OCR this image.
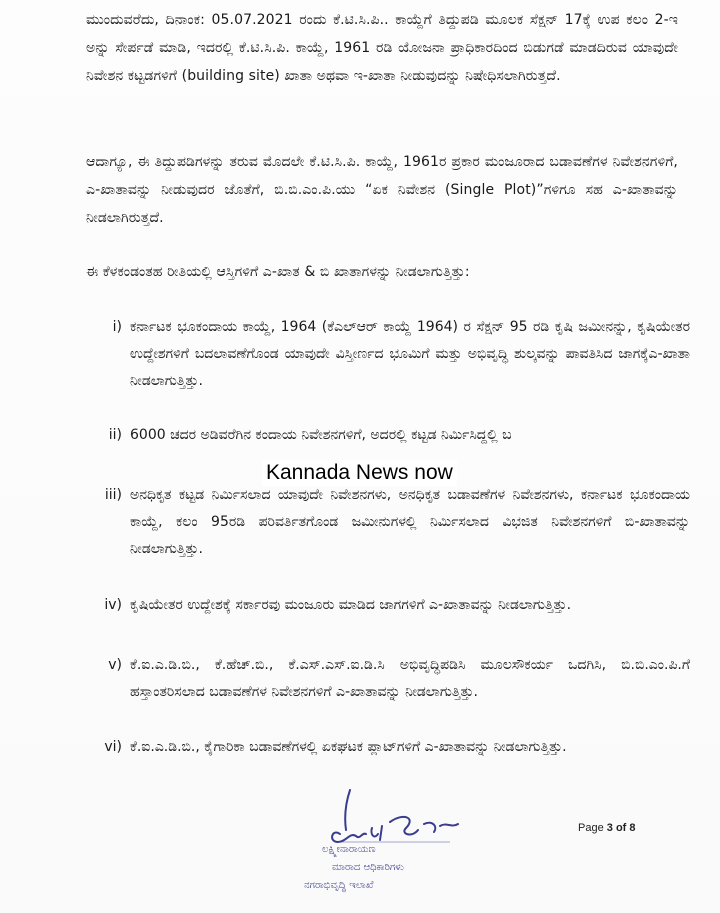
ಮುಂದುವರೆದು, ದಿನಾಂಕ: 05.07.2021 ರಂದು ಕೆ.ಟಿ.ಸಿ.ಪಿ.. ಕಾಯ್ದೆಗೆ ತಿದ್ದುಪಡಿ ಮೂಲಕ ಸೆಕ್ಷನ್ 17ಕ್ಕೆ ಉಪ ಕಲಂ 2-ಇ ಅನ್ನು ಸೇರ್ಪಡೆ ಮಾಡಿ, ಇದರಲ್ಲಿ ಕೆ.ಟಿ.ಸಿ.ಪಿ. ಕಾಯ್ದೆ, 1961 ರಡಿ ಯೋಜನಾ ಪ್ರಾಧಿಕಾರದಿಂದ ಬಿಡುಗಡೆ ಮಾಡದಿರುವ ಯಾವುದೇ ನಿವೇಶನ ಕಟ್ಟಡಗಳಿಗೆ (building site) ಖಾತಾ ಅಥವಾ ಇ-ಖಾತಾ ನೀಡುವುದನ್ನು ನಿಷೇಧಿಸಲಾಗಿರುತ್ತದೆ.

ಆದಾಗ್ಯೂ, ಈ ತಿದ್ದುಪಡಿಗಳನ್ನು ತರುವ ಮೊದಲೇ ಕೆ.ಟಿ.ಸಿ.ಪಿ. ಕಾಯ್ದೆ, 1961ರ ಪ್ರಕಾರ ಮಂಜೂರಾದ ಬಡಾವಣೆಗಳ ನಿವೇಶನಗಳಿಗೆ, ಎ-ಖಾತಾವನ್ನು ನೀಡುವುದರ ಜೊತೆಗೆ, ಬಿ.ಬಿ.ಎಂ.ಪಿ.ಯು “ಏಕ ನಿವೇಶನ (Single Plot)”ಗಳಿಗೂ ಸಹ ಎ-ಖಾತಾವನ್ನು ನೀಡಲಾಗಿರುತ್ತದೆ.

ಈ ಕೆಳಕಂಡಂತಹ ರೀತಿಯಲ್ಲಿ ಆಸ್ತಿಗಳಿಗೆ ಎ-ಖಾತ & ಬಿ ಖಾತಾಗಳನ್ನು ನೀಡಲಾಗುತ್ತಿತ್ತು:

i) ಕರ್ನಾಟಕ ಭೂಕಂದಾಯ ಕಾಯ್ದೆ, 1964 (ಕೆಎಲ್‌ಆರ್ ಕಾಯ್ದೆ 1964) ರ ಸೆಕ್ಷನ್ 95 ರಡಿ ಕೃಷಿ ಜಮೀನನ್ನು, ಕೃಷಿಯೇತರ ಉದ್ದೇಶಗಳಿಗೆ ಬದಲಾವಣೆಗೊಂಡ ಯಾವುದೇ ವಿಸ್ತೀರ್ಣದ ಭೂಮಿಗೆ ಮತ್ತು ಅಭಿವೃದ್ಧಿ ಶುಲ್ಕವನ್ನು ಪಾವತಿಸಿದ ಜಾಗಕ್ಕೆಎ-ಖಾತಾ ನೀಡಲಾಗುತ್ತಿತ್ತು.
ii) 6000 ಚದರ ಅಡಿವರೆಗಿನ ಕಂದಾಯ ನಿವೇಶನಗಳಿಗೆ, ಅದರಲ್ಲಿ ಕಟ್ಟಡ ನಿರ್ಮಿಸಿದ್ದಲ್ಲಿ ಬ
iii) ಅನಧಿಕೃತ ಕಟ್ಟಡ ನಿರ್ಮಿಸಲಾದ ಯಾವುದೇ ನಿವೇಶನಗಳು, ಅನಧಿಕೃತ ಬಡಾವಣೆಗಳ ನಿವೇಶನಗಳು, ಕರ್ನಾಟಕ ಭೂಕಂದಾಯ ಕಾಯ್ದೆ, ಕಲಂ 95ರಡಿ ಪರಿವರ್ತಿತಗೊಂಡ ಜಮೀನುಗಳಲ್ಲಿ ನಿರ್ಮಿಸಲಾದ ವಿಭಜಿತ ನಿವೇಶನಗಳಿಗೆ ಬಿ-ಖಾತಾವನ್ನು ನೀಡಲಾಗುತ್ತಿತ್ತು.
iv) ಕೃಷಿಯೇತರ ಉದ್ದೇಶಕ್ಕೆ ಸರ್ಕಾರವು ಮಂಜೂರು ಮಾಡಿದ ಜಾಗಗಳಿಗೆ ಎ-ಖಾತಾವನ್ನು ನೀಡಲಾಗುತ್ತಿತ್ತು.
v) ಕೆ.ಐ.ಎ.ಡಿ.ಬಿ., ಕೆ.ಹೆಚ್.ಬಿ., ಕೆ.ಎಸ್.ಎಸ್.ಐ.ಡಿ.ಸಿ ಅಭಿವೃದ್ಧಿಪಡಿಸಿ ಮೂಲಸೌಕರ್ಯ ಒದಗಿಸಿ, ಬಿ.ಬಿ.ಎಂ.ಪಿ.ಗೆ ಹಸ್ತಾಂತರಿಸಲಾದ ಬಡಾವಣೆಗಳ ನಿವೇಶನಗಳಿಗೆ ಎ-ಖಾತಾವನ್ನು ನೀಡಲಾಗುತ್ತಿತ್ತು.
vi) ಕೆ.ಐ.ಎ.ಡಿ.ಬಿ., ಕೈಗಾರಿಕಾ ಬಡಾವಣೆಗಳಲ್ಲಿ ಏಕಘಟಕ ಪ್ಲಾಟ್‌ಗಳಿಗೆ ಎ-ಖಾತಾವನ್ನು ನೀಡಲಾಗುತ್ತಿತ್ತು.
Kannada News now
ಲಕ್ಷ್ಮೀನಾರಾಯಣ
ಮಾರಾದ ಆಧಿಕಾರಿಗಳು
ನಗರಾಭಿವೃದ್ಧಿ ಇಲಾಖೆ
Page 3 of 8
